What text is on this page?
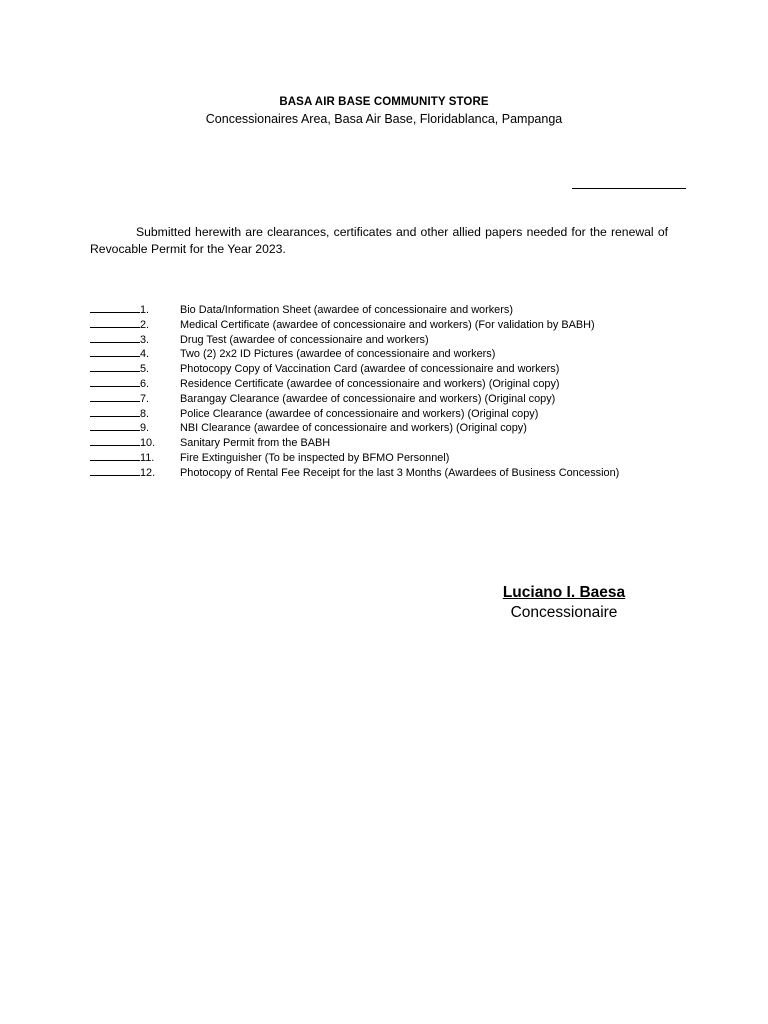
BASA AIR BASE COMMUNITY STORE
Concessionaires Area, Basa Air Base, Floridablanca, Pampanga
Submitted herewith are clearances, certificates and other allied papers needed for the renewal of Revocable Permit for the Year 2023.
1.	Bio Data/Information Sheet (awardee of concessionaire and workers)
2.	Medical Certificate (awardee of concessionaire and workers) (For validation by BABH)
3.	Drug Test (awardee of concessionaire and workers)
4.	Two (2) 2x2 ID Pictures (awardee of concessionaire and workers)
5.	Photocopy Copy of Vaccination Card (awardee of concessionaire and workers)
6.	Residence Certificate (awardee of concessionaire and workers) (Original copy)
7.	Barangay Clearance (awardee of concessionaire and workers) (Original copy)
8.	Police Clearance (awardee of concessionaire and workers) (Original copy)
9.	NBI Clearance (awardee of concessionaire and workers) (Original copy)
10.	Sanitary Permit from the BABH
11.	Fire Extinguisher (To be inspected by BFMO Personnel)
12.	Photocopy of Rental Fee Receipt for the last 3 Months (Awardees of Business Concession)
Luciano I. Baesa
Concessionaire
